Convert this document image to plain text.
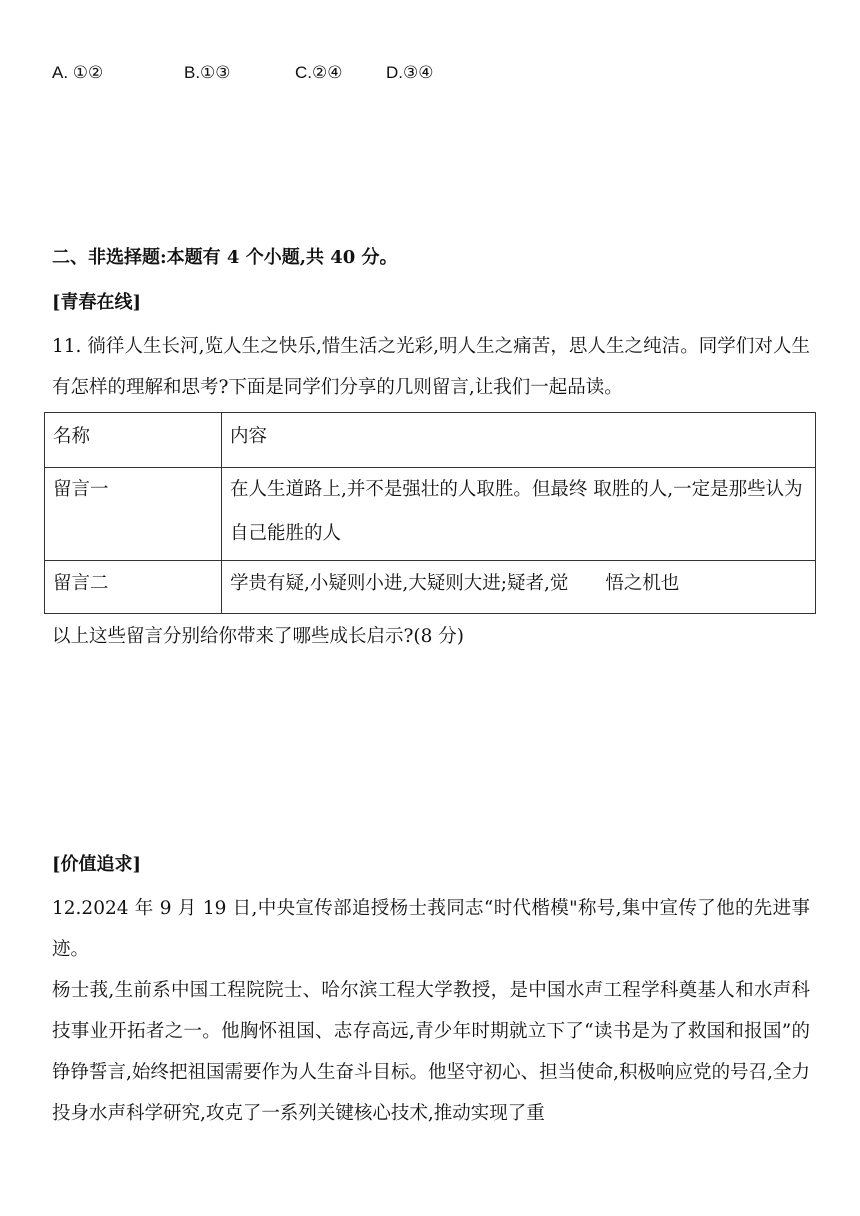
A. ①②	B.①③	C.②④	D.③④
二、非选择题:本题有 4 个小题,共 40 分。
[青春在线]
11. 徜徉人生长河,览人生之快乐,惜生活之光彩,明人生之痛苦，思人生之纯洁。同学们对人生有怎样的理解和思考?下面是同学们分享的几则留言,让我们一起品读。
名称	内容
留言一	在人生道路上,并不是强壮的人取胜。但最终 取胜的人,一定是那些认为自己能胜的人
留言二	学贵有疑,小疑则小进,大疑则大进;疑者,觉　　悟之机也
以上这些留言分别给你带来了哪些成长启示?(8 分)
[价值追求]
12.2024 年 9 月 19 日,中央宣传部追授杨士莪同志“时代楷模"称号,集中宣传了他的先进事迹。
杨士莪,生前系中国工程院院士、哈尔滨工程大学教授，是中国水声工程学科奠基人和水声科技事业开拓者之一。他胸怀祖国、志存高远,青少年时期就立下了“读书是为了救国和报国”的铮铮誓言,始终把祖国需要作为人生奋斗目标。他坚守初心、担当使命,积极响应党的号召,全力投身水声科学研究,攻克了一系列关键核心技术,推动实现了重
